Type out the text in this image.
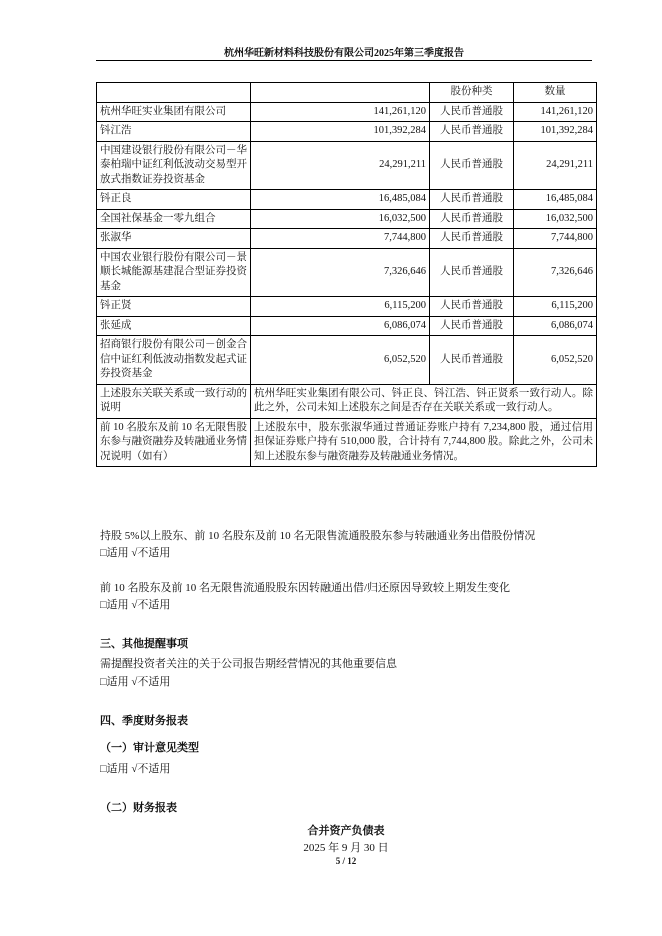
杭州华旺新材料科技股份有限公司2025年第三季度报告
		股份种类	数量
杭州华旺实业集团有限公司	141,261,120	人民币普通股	141,261,120
钭江浩	101,392,284	人民币普通股	101,392,284
中国建设银行股份有限公司－华泰柏瑞中证红利低波动交易型开放式指数证券投资基金	24,291,211	人民币普通股	24,291,211
钭正良	16,485,084	人民币普通股	16,485,084
全国社保基金一零九组合	16,032,500	人民币普通股	16,032,500
张淑华	7,744,800	人民币普通股	7,744,800
中国农业银行股份有限公司－景顺长城能源基建混合型证券投资基金	7,326,646	人民币普通股	7,326,646
钭正贤	6,115,200	人民币普通股	6,115,200
张延成	6,086,074	人民币普通股	6,086,074
招商银行股份有限公司－创金合信中证红利低波动指数发起式证券投资基金	6,052,520	人民币普通股	6,052,520
上述股东关联关系或一致行动的说明	杭州华旺实业集团有限公司、钭正良、钭江浩、钭正贤系一致行动人。除此之外，公司未知上述股东之间是否存在关联关系或一致行动人。		
前 10 名股东及前 10 名无限售股东参与融资融券及转融通业务情况说明（如有）	上述股东中，股东张淑华通过普通证券账户持有 7,234,800 股，通过信用担保证券账户持有 510,000 股，合计持有 7,744,800 股。除此之外，公司未知上述股东参与融资融券及转融通业务情况。		
持股 5%以上股东、前 10 名股东及前 10 名无限售流通股股东参与转融通业务出借股份情况
□适用 √不适用
前 10 名股东及前 10 名无限售流通股股东因转融通出借/归还原因导致较上期发生变化
□适用 √不适用
三、其他提醒事项
需提醒投资者关注的关于公司报告期经营情况的其他重要信息
□适用 √不适用
四、季度财务报表
（一）审计意见类型
□适用 √不适用
（二）财务报表
合并资产负债表
2025 年 9 月 30 日
5 / 12
